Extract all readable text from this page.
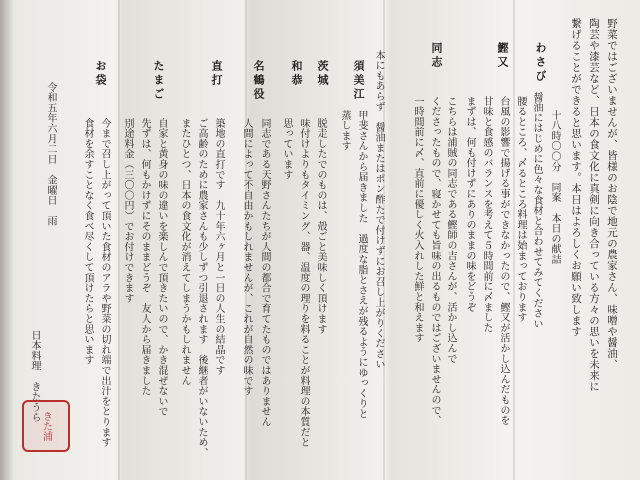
野菜ではございませんが、皆様のお陰で地元の農家さん、味噌や醤油、
陶芸や漆芸など、日本の食文化に真剣に向き合っている方々の思いを未来に
繋げることができると思います。本日はよろしくお願い致します
わさび
鰹又
同志
須美江
茨城
和恭
名鶴役
直打
たまご
お袋
十八時〇〇分　同案　本日の献詰
醤油にはじめに色々な食材と合わせてみてください
腰るところ、〆るところ料理は始まっております
台風の影響で揚げる事ができなかったので、鰹又が活かし込んだものを
甘味と食感のバランスを考えて５時間前に〆ました
まずは、何も付けずにありのままの味をどうぞ
こちらは浦賊の同志である鰹師の吉さんが、活かし込んで
くださったもので、寝かせても旨味の出るものではございませんので、
一時間前に〆、直前に優しく火入れした鮮と和えます
本にもあらず　醤油またはポン酢たで付けずにお召し上がりください
甲斐さんから届きました　過度な脂とさえが残るようにゆっくりと
蒸します
脱走したでのものは、殻ごと美味しく頂けます
味付けよりもタイミング、器、温度の理りを料ることが料理の本質だと
思っています
同志である天野さんたちが人間の都合で育てたものではありません
人間によって不自由かもしれませんが、これが自然の味です
築地の直打です　九十年六ヶ月と一日の人生の結晶です
ご高齢のために農家さんも少しずつ引退されます　後継者がいないため、
またひとつ、日本の食文化が消えてしまうかもしれません
自家と黄身の味の違いを楽しんで頂きたいので、かき混ぜないで
先ずは、何もかけずにそのままどうぞ　友人から届きました
別途料金（三〇〇円）でお付けできます
今まで召し上がって頂いた食材のアラや野菜の切れ端で出汁をとります
食材を余すことなく食べ尽くして頂けたらと思います
令和五年六月二日　金曜日　雨
日本料理　きたうら
きた浦
